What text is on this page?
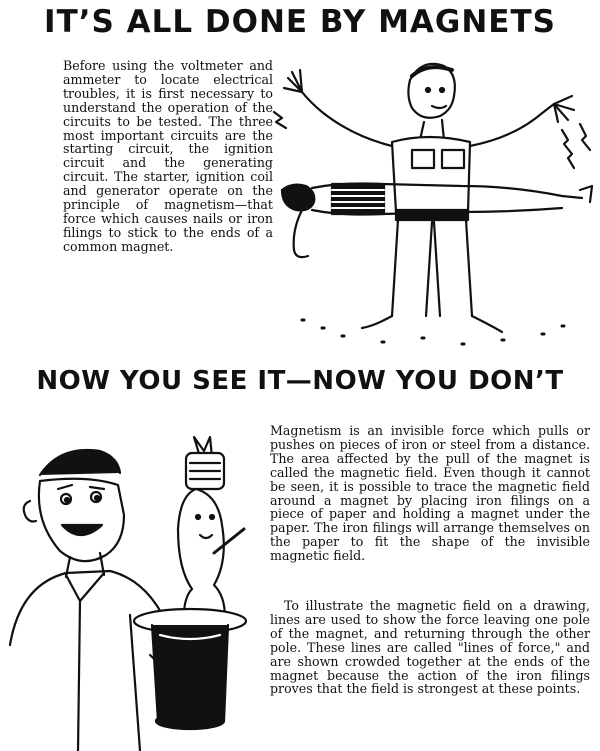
IT’S ALL DONE BY MAGNETS

Before using the voltmeter and ammeter to locate electrical troubles, it is first necessary to understand the operation of the circuits to be tested. The three most important circuits are the starting circuit, the ignition circuit and the generating circuit. The starter, ignition coil and generator operate on the principle of magnetism—that force which causes nails or iron filings to stick to the ends of a common magnet.

NOW YOU SEE IT—NOW YOU DON’T

Magnetism is an invisible force which pulls or pushes on pieces of iron or steel from a distance. The area affected by the pull of the magnet is called the magnetic field. Even though it cannot be seen, it is possible to trace the magnetic field around a magnet by placing iron filings on a piece of paper and holding a magnet under the paper. The iron filings will arrange themselves on the paper to fit the shape of the invisible magnetic field.

To illustrate the magnetic field on a drawing, lines are used to show the force leaving one pole of the magnet, and returning through the other pole. These lines are called "lines of force," and are shown crowded together at the ends of the magnet because the action of the iron filings proves that the field is strongest at these points.
